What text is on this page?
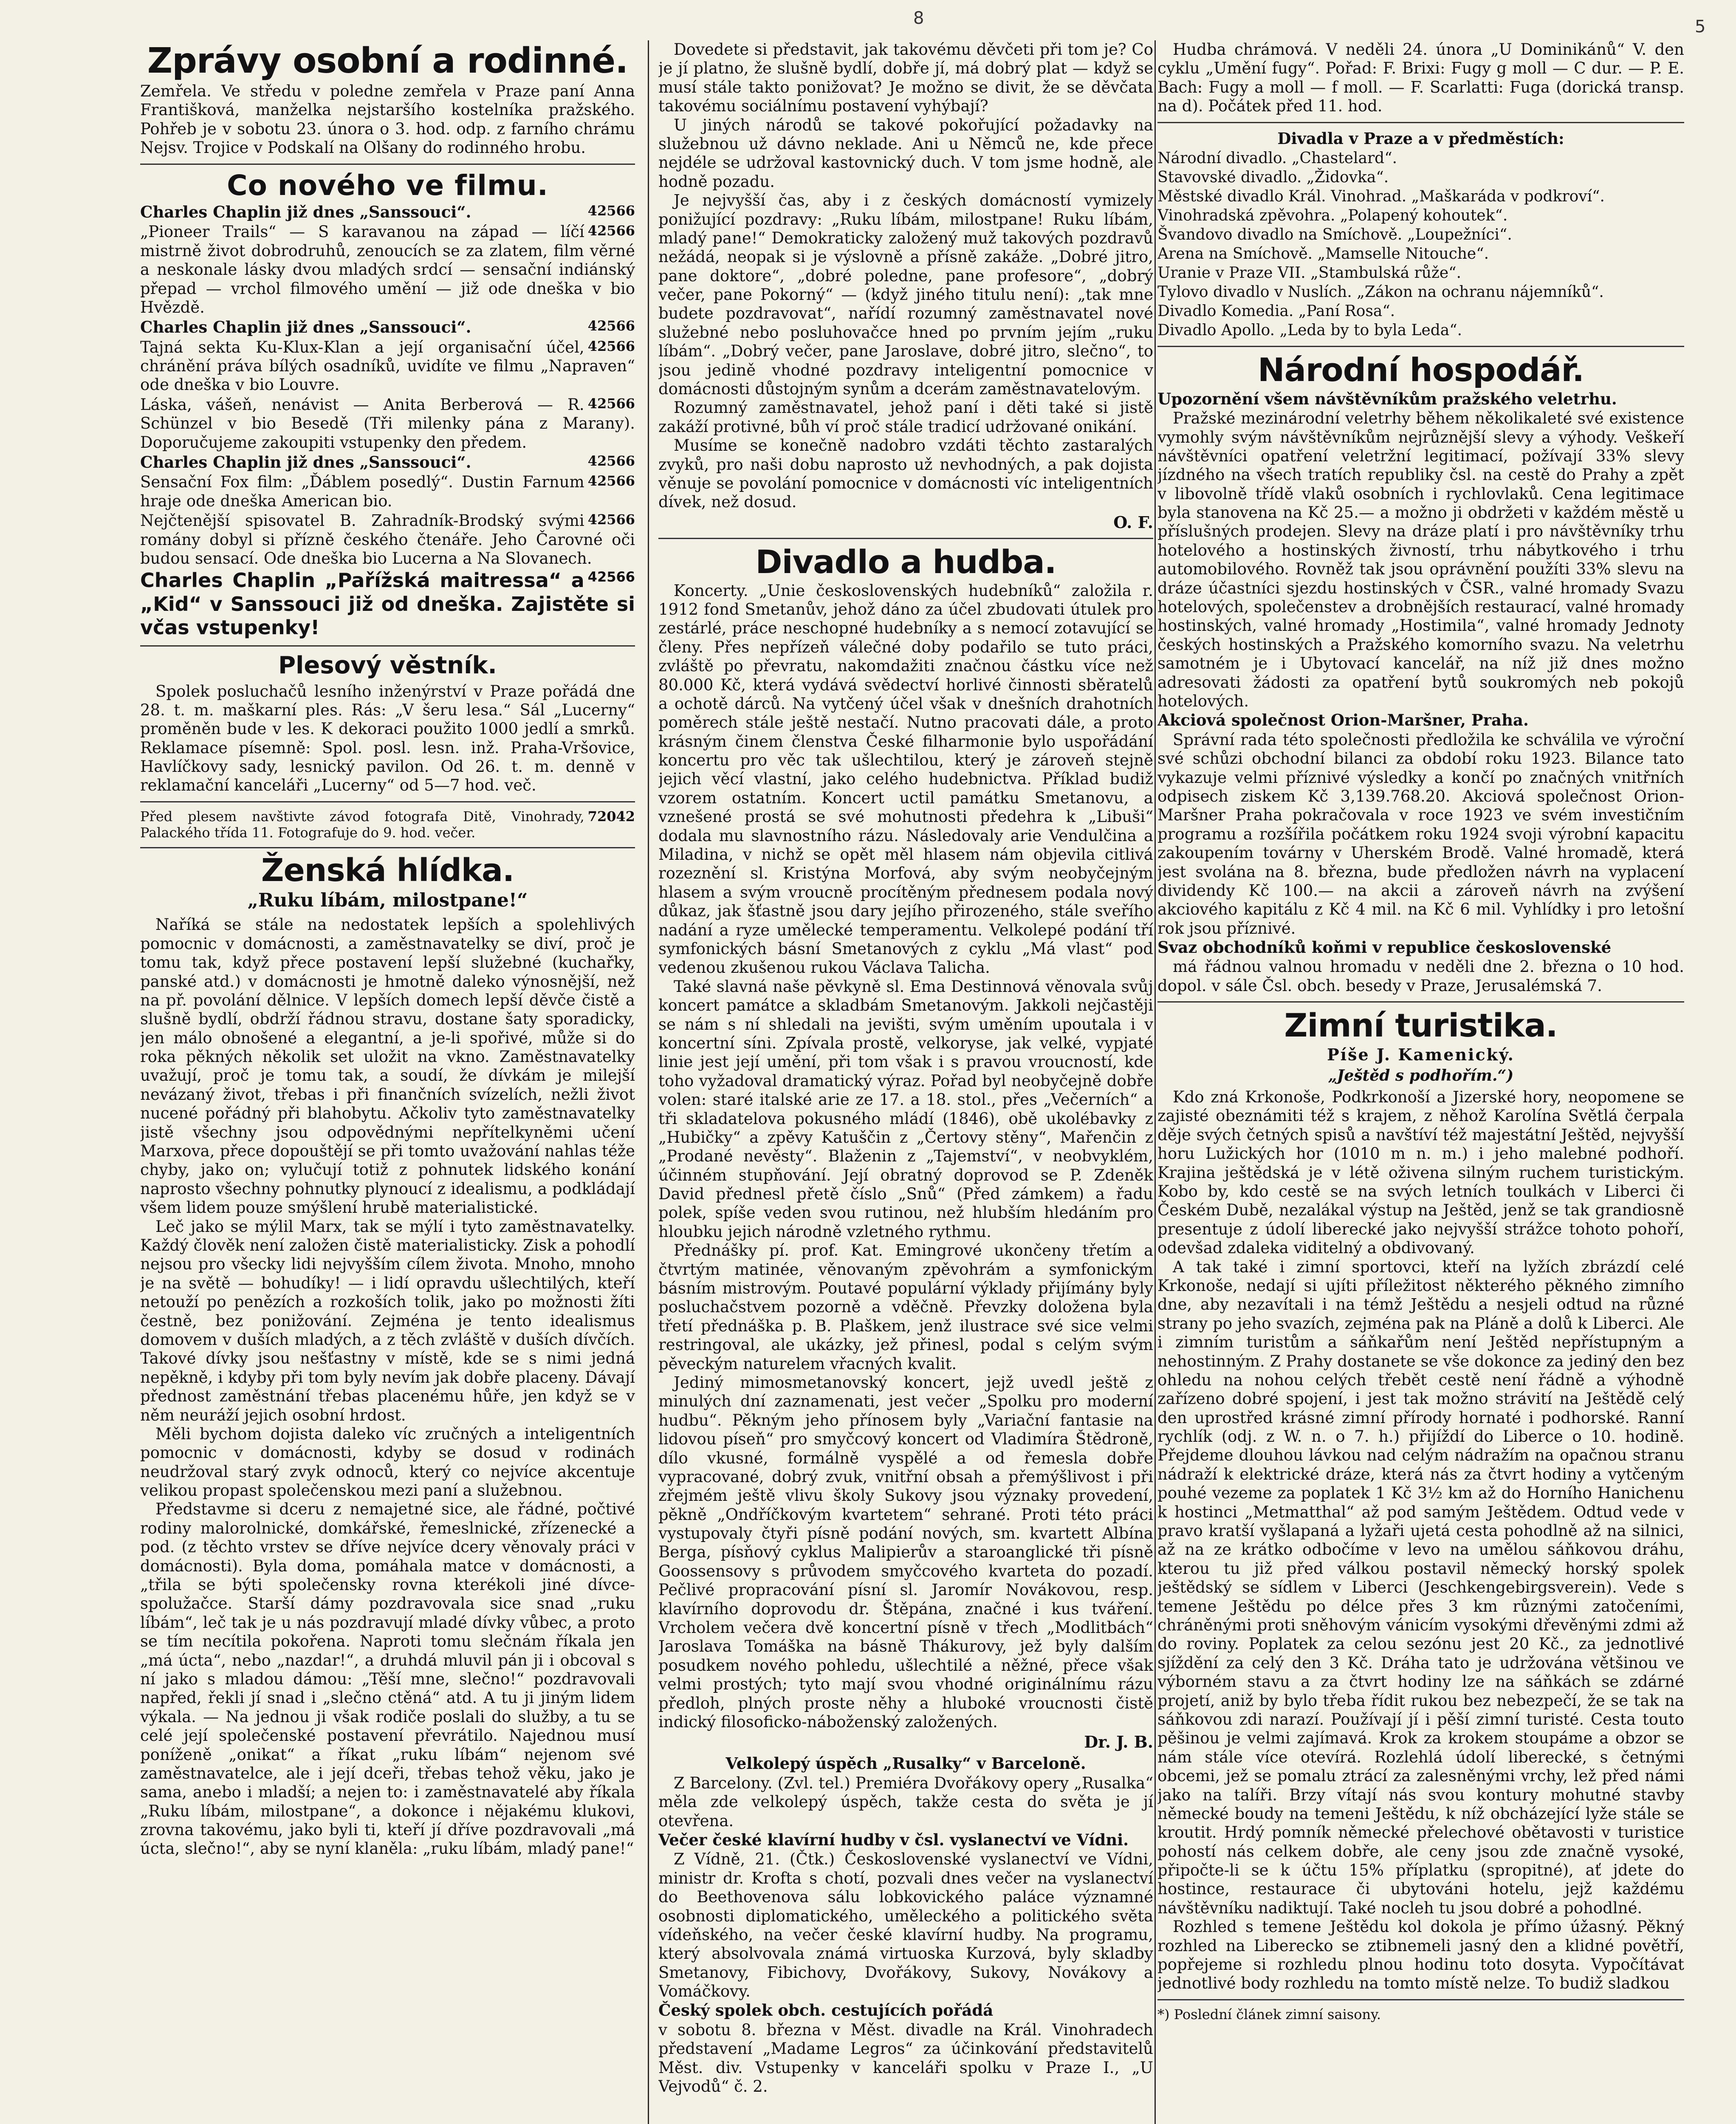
8	5
Zprávy osobní a rodinné.

Zemřela. Ve středu v poledne zemřela v Praze paní Anna Františková, manželka nejstaršího kostelníka pražského. Pohřeb je v sobotu 23. února o 3. hod. odp. z farního chrámu Nejsv. Trojice v Podskalí na Olšany do rodinného hrobu.

Co nového ve filmu.
42566
Charles Chaplin již dnes „Sanssouci“.
42566
„Pioneer Trails“ — S karavanou na západ — líčí mistrně život dobrodruhů, zenoucích se za zlatem, film věrné a neskonale lásky dvou mladých srdcí — sensační indiánský přepad — vrchol filmového umění — již ode dneška v bio Hvězdě.
42566
Charles Chaplin již dnes „Sanssouci“.
42566
Tajná sekta Ku-Klux-Klan a její organisační účel, chránění práva bílých osadníků, uvidíte ve filmu „Napraven“ ode dneška v bio Louvre.
42566
Láska, vášeň, nenávist — Anita Berberová — R. Schünzel v bio Besedě (Tři milenky pána z Marany). Doporučujeme zakoupiti vstupenky den předem.
42566
Charles Chaplin již dnes „Sanssouci“.
42566
Sensační Fox film: „Ďáblem posedlý“. Dustin Farnum hraje ode dneška American bio.
42566
Nejčtenější spisovatel B. Zahradník-Brodský svými romány dobyl si přízně českého čtenáře. Jeho Čarovné oči budou sensací. Ode dneška bio Lucerna a Na Slovanech.
42566
Charles Chaplin „Pařížská maitressa“ a „Kid“ v Sanssouci již od dneška. Zajistěte si včas vstupenky!
Plesový věstník.

Spolek posluchačů lesního inženýrství v Praze pořádá dne 28. t. m. maškarní ples. Rás: „V šeru lesa.“ Sál „Lucerny“ proměněn bude v les. K dekoraci použito 1000 jedlí a smrků. Reklamace písemně: Spol. posl. lesn. inž. Praha-Vršovice, Havlíčkovy sady, lesnický pavilon. Od 26. t. m. denně v reklamační kanceláři „Lucerny“ od 5—7 hod. več.

72042
Před plesem navštivte závod fotografa Ditě, Vinohrady, Palackého třída 11. Fotografuje do 9. hod. večer.
Ženská hlídka.
„Ruku líbám, milostpane!“

Naříká se stále na nedostatek lepších a spolehlivých pomocnic v domácnosti, a zaměstnavatelky se diví, proč je tomu tak, když přece postavení lepší služebné (kuchařky, panské atd.) v domácnosti je hmotně daleko výnosnější, než na př. povolání dělnice. V lepších domech lepší děvče čistě a slušně bydlí, obdrží řádnou stravu, dostane šaty sporadicky, jen málo obnošené a elegantní, a je-li spořivé, může si do roka pěkných několik set uložit na vkno. Zaměstnavatelky uvažují, proč je tomu tak, a soudí, že dívkám je milejší nevázaný život, třebas i při finančních svízelích, nežli život nucené pořádný při blahobytu. Ačkoliv tyto zaměstnavatelky jistě všechny jsou odpovědnými nepřítelkyněmi učení Marxova, přece dopouštějí se při tomto uvažování nahlas téže chyby, jako on; vylučují totiž z pohnutek lidského konání naprosto všechny pohnutky plynoucí z idealismu, a podkládají všem lidem pouze smýšlení hrubě materialistické.

Leč jako se mýlil Marx, tak se mýlí i tyto zaměstnavatelky. Každý člověk není založen čistě materialisticky. Zisk a pohodlí nejsou pro všecky lidi nejvyšším cílem života. Mnoho, mnoho je na světě — bohudíky! — i lidí opravdu ušlechtilých, kteří netouží po penězích a rozkoších tolik, jako po možnosti žíti čestně, bez ponižování. Zejména je tento idealismus domovem v duších mladých, a z těch zvláště v duších dívčích. Takové dívky jsou nešťastny v místě, kde se s nimi jedná nepěkně, i kdyby při tom byly nevím jak dobře placeny. Dávají přednost zaměstnání třebas placenému hůře, jen když se v něm neuráží jejich osobní hrdost.

Měli bychom dojista daleko víc zručných a inteligentních pomocnic v domácnosti, kdyby se dosud v rodinách neudržoval starý zvyk odnoců, který co nejvíce akcentuje velikou propast společenskou mezi paní a služebnou.

Představme si dceru z nemajetné sice, ale řádné, počtivé rodiny malorolnické, domkářské, řemeslnické, zřízenecké a pod. (z těchto vrstev se dříve nejvíce dcery věnovaly práci v domácnosti). Byla doma, pomáhala matce v domácnosti, a „třila se býti společensky rovna kterékoli jiné dívce-spolužačce. Starší dámy pozdravovala sice snad „ruku líbám“, leč tak je u nás pozdravují mladé dívky vůbec, a proto se tím necítila pokořena. Naproti tomu slečnám říkala jen „má úcta“, nebo „nazdar!“, a druhdá mluvil pán ji i obcoval s ní jako s mladou dámou: „Těší mne, slečno!“ pozdravovali napřed, řekli jí snad i „slečno ctěná“ atd. A tu ji jiným lidem výkala. — Na jednou ji však rodiče poslali do služby, a tu se celé její společenské postavení převrátilo. Najednou musí poníženě „onikat“ a říkat „ruku líbám“ nejenom své zaměstnavatelce, ale i její dceři, třebas tehož věku, jako je sama, anebo i mladší; a nejen to: i zaměstnavatelé aby říkala „Ruku líbám, milostpane“, a dokonce i nějakému klukovi, zrovna takovému, jako byli ti, kteří jí dříve pozdravovali „má úcta, slečno!“, aby se nyní klaněla: „ruku líbám, mladý pane!“

Dovedete si představit, jak takovému děvčeti při tom je? Co je jí platno, že slušně bydlí, dobře jí, má dobrý plat — když se musí stále takto ponižovat? Je možno se divit, že se děvčata takovému sociálnímu postavení vyhýbají?

U jiných národů se takové pokořující požadavky na služebnou už dávno neklade. Ani u Němců ne, kde přece nejdéle se udržoval kastovnický duch. V tom jsme hodně, ale hodně pozadu.

Je nejvyšší čas, aby i z českých domácností vymizely ponižující pozdravy: „Ruku líbám, milostpane! Ruku líbám, mladý pane!“ Demokraticky založený muž takových pozdravů nežádá, neopak si je výslovně a přísně zakáže. „Dobré jitro, pane doktore“, „dobré poledne, pane profesore“, „dobrý večer, pane Pokorný“ — (když jiného titulu není): „tak mne budete pozdravovat“, nařídí rozumný zaměstnavatel nové služebné nebo posluhovačce hned po prvním jejím „ruku líbám“. „Dobrý večer, pane Jaroslave, dobré jitro, slečno“, to jsou jedině vhodné pozdravy inteligentní pomocnice v domácnosti důstojným synům a dcerám zaměstnavatelovým.

Rozumný zaměstnavatel, jehož paní i děti také si jistě zakáží protivné, bůh ví proč stále tradicí udržované onikání.

Musíme se konečně nadobro vzdáti těchto zastaralých zvyků, pro naši dobu naprosto už nevhodných, a pak dojista věnuje se povolání pomocnice v domácnosti víc inteligentních dívek, než dosud.

O. F.
Divadlo a hudba.

Koncerty. „Unie československých hudebníků“ založila r. 1912 fond Smetanův, jehož dáno za účel zbudovati útulek pro zestárlé, práce neschopné hudebníky a s nemocí zotavující se členy. Přes nepřízeň válečné doby podařilo se tuto práci, zvláště po převratu, nakomdažiti značnou částku více než 80.000 Kč, která vydává svědectví horlivé činnosti sběratelů a ochotě dárců. Na vytčený účel však v dnešních drahotních poměrech stále ještě nestačí. Nutno pracovati dále, a proto krásným činem členstva České filharmonie bylo uspořádání koncertu pro věc tak ušlechtilou, který je zároveň stejně jejich věcí vlastní, jako celého hudebnictva. Příklad budiž vzorem ostatním. Koncert uctil památku Smetanovu, a vznešené prostá se své mohutnosti předehra k „Libuši“ dodala mu slavnostního rázu. Následovaly arie Vendulčina a Miladina, v nichž se opět měl hlasem nám objevila citlivá rozeznění sl. Kristýna Morfová, aby svým neobyčejným hlasem a svým vroucně procítěným přednesem podala nový důkaz, jak šťastně jsou dary jejího přirozeného, stále sveřího nadání a ryze umělecké temperamentu. Velkolepé podání tří symfonických básní Smetanových z cyklu „Má vlast“ pod vedenou zkušenou rukou Václava Talicha.

Také slavná naše pěvkyně sl. Ema Destinnová věnovala svůj koncert památce a skladbám Smetanovým. Jakkoli nejčastěji se nám s ní shledali na jevišti, svým uměním upoutala i v koncertní síni. Zpívala prostě, velkoryse, jak velké, vypjaté linie jest její umění, při tom však i s pravou vroucností, kde toho vyžadoval dramatický výraz. Pořad byl neobyčejně dobře volen: staré italské arie ze 17. a 18. stol., přes „Večerních“ a tři skladatelova pokusného mládí (1846), obě ukolébavky z „Hubičky“ a zpěvy Katuščin z „Čertovy stěny“, Mařenčin z „Prodané nevěsty“. Blaženin z „Tajemství“, v neobvyklém, účinném stupňování. Její obratný doprovod se P. Zdeněk David přednesl přetě číslo „Snů“ (Před zámkem) a řadu polek, spíše veden svou rutinou, než hlubším hledáním pro hloubku jejich národně vzletného rythmu.

Přednášky pí. prof. Kat. Emingrové ukončeny třetím a čtvrtým matinée, věnovaným zpěvohrám a symfonickým básním mistrovým. Poutavé populární výklady přijímány byly posluchačstvem pozorně a vděčně. Převzky doložena byla třetí přednáška p. B. Plaškem, jenž ilustrace své sice velmi restringoval, ale ukázky, jež přinesl, podal s celým svým pěveckým naturelem vřacných kvalit.

Jediný mimosmetanovský koncert, jejž uvedl ještě z minulých dní zaznamenati, jest večer „Spolku pro moderní hudbu“. Pěkným jeho přínosem byly „Variační fantasie na lidovou píseň“ pro smyčcový koncert od Vladimíra Štědroně, dílo vkusné, formálně vyspělé a od řemesla dobře vypracované, dobrý zvuk, vnitřní obsah a přemýšlivost i při zřejmém ještě vlivu školy Sukovy jsou význaky provedení, pěkně „Ondříčkovým kvartetem“ sehrané. Proti této práci vystupovaly čtyři písně podání nových, sm. kvartett Albína Berga, písňový cyklus Malipierův a staroanglické tři písně Goossensovy s průvodem smyčcového kvarteta do pozadí. Pečlivé propracování písní sl. Jaromír Novákovou, resp. klavírního doprovodu dr. Štěpána, značné i kus tváření. Vrcholem večera dvě koncertní písně v třech „Modlitbách“ Jaroslava Tomáška na básně Thákurovy, jež byly dalším posudkem nového pohledu, ušlechtilé a něžné, přece však velmi prostých; tyto mají svou vhodné originálnímu rázu předloh, plných proste něhy a hluboké vroucnosti čistě indický filosoficko-náboženský založených.

Dr. J. B.
Velkolepý úspěch „Rusalky“ v Barceloně.

Z Barcelony. (Zvl. tel.) Premiéra Dvořákovy opery „Rusalka“ měla zde velkolepý úspěch, takže cesta do světa je jí otevřena.

Večer české klavírní hudby v čsl. vyslanectví ve Vídni.

Z Vídně, 21. (Čtk.) Československé vyslanectví ve Vídni, ministr dr. Krofta s chotí, pozvali dnes večer na vyslanectví do Beethovenova sálu lobkovického paláce významné osobnosti diplomatického, uměleckého a politického světa vídeňského, na večer české klavírní hudby. Na programu, který absolvovala známá virtuoska Kurzová, byly skladby Smetanovy, Fibichovy, Dvořákovy, Sukovy, Novákovy a Vomáčkovy.

Český spolek obch. cestujících pořádá

v sobotu 8. března v Měst. divadle na Král. Vinohradech představení „Madame Legros“ za účinkování představitelů Měst. div. Vstupenky v kanceláři spolku v Praze I., „U Vejvodů“ č. 2.

Hudba chrámová. V neděli 24. února „U Dominikánů“ V. den cyklu „Umění fugy“. Pořad: F. Brixi: Fugy g moll — C dur. — P. E. Bach: Fugy a moll — f moll. — F. Scarlatti: Fuga (dorická transp. na d). Počátek před 11. hod.

Divadla v Praze a v předměstích:
Národní divadlo. „Chastelard“.
Stavovské divadlo. „Židovka“.
Městské divadlo Král. Vinohrad. „Maškaráda v podkroví“.
Vinohradská zpěvohra. „Polapený kohoutek“.
Švandovo divadlo na Smíchově. „Loupežníci“.
Arena na Smíchově. „Mamselle Nitouche“.
Uranie v Praze VII. „Stambulská růže“.
Tylovo divadlo v Nuslích. „Zákon na ochranu nájemníků“.
Divadlo Komedia. „Paní Rosa“.
Divadlo Apollo. „Leda by to byla Leda“.
Národní hospodář.
Upozornění všem návštěvníkům pražského veletrhu.

Pražské mezinárodní veletrhy během několikaleté své existence vymohly svým návštěvníkům nejrůznější slevy a výhody. Veškeří návštěvníci opatření veletržní legitimací, požívají 33% slevy jízdného na všech tratích republiky čsl. na cestě do Prahy a zpět v libovolně třídě vlaků osobních i rychlovlaků. Cena legitimace byla stanovena na Kč 25.— a možno ji obdržeti v každém městě u příslušných prodejen. Slevy na dráze platí i pro návštěvníky trhu hotelového a hostinských živností, trhu nábytkového i trhu automobilového. Rovněž tak jsou oprávnění použíti 33% slevu na dráze účastníci sjezdu hostinských v ČSR., valné hromady Svazu hotelových, společenstev a drobnějších restaurací, valné hromady hostinských, valné hromady „Hostimila“, valné hromady Jednoty českých hostinských a Pražského komorního svazu. Na veletrhu samotném je i Ubytovací kancelář, na níž již dnes možno adresovati žádosti za opatření bytů soukromých neb pokojů hotelových.

Akciová společnost Orion-Maršner, Praha.

Správní rada této společnosti předložila ke schválila ve výroční své schůzi obchodní bilanci za období roku 1923. Bilance tato vykazuje velmi příznivé výsledky a končí po značných vnitřních odpisech ziskem Kč 3,139.768.20. Akciová společnost Orion-Maršner Praha pokračovala v roce 1923 ve svém investičním programu a rozšířila počátkem roku 1924 svoji výrobní kapacitu zakoupením továrny v Uherském Brodě. Valné hromadě, která jest svolána na 8. března, bude předložen návrh na vyplacení dividendy Kč 100.— na akcii a zároveň návrh na zvýšení akciového kapitálu z Kč 4 mil. na Kč 6 mil. Vyhlídky i pro letošní rok jsou příznivé.

Svaz obchodníků koňmi v republice československé

má řádnou valnou hromadu v neděli dne 2. března o 10 hod. dopol. v sále Čsl. obch. besedy v Praze, Jerusalémská 7.

Zimní turistika.
Píše J. Kamenický.
„Ještěd s podhořím.“)

Kdo zná Krkonoše, Podkrkonoší a Jizerské hory, neopomene se zajisté obeznámiti též s krajem, z něhož Karolína Světlá čerpala děje svých četných spisů a navštíví též majestátní Ještěd, nejvyšší horu Lužických hor (1010 m n. m.) i jeho malebné podhoří. Krajina ještědská je v létě oživena silným ruchem turistickým. Kobo by, kdo cestě se na svých letních toulkách v Liberci či Českém Dubě, nezalákal výstup na Ještěd, jenž se tak grandiosně presentuje z údolí liberecké jako nejvyšší strážce tohoto pohoří, odevšad zdaleka viditelný a obdivovaný.

A tak také i zimní sportovci, kteří na lyžích zbrázdí celé Krkonoše, nedají si ujíti příležitost některého pěkného zimního dne, aby nezavítali i na témž Ještědu a nesjeli odtud na různé strany po jeho svazích, zejména pak na Pláně a dolů k Liberci. Ale i zimním turistům a sáňkařům není Ještěd nepřístupným a nehostinným. Z Prahy dostanete se vše dokonce za jediný den bez ohledu na nohou celých třebět cestě není řádně a výhodně zařízeno dobré spojení, i jest tak možno strávití na Ještědě celý den uprostřed krásné zimní přírody hornaté i podhorské. Ranní rychlík (odj. z W. n. o 7. h.) přijíždí do Liberce o 10. hodině. Přejdeme dlouhou lávkou nad celým nádražím na opačnou stranu nádraží k elektrické dráze, která nás za čtvrt hodiny a vytčeným pouhé vezeme za poplatek 1 Kč 3½ km až do Horního Hanichenu k hostinci „Metmatthal“ až pod samým Ještědem. Odtud vede v pravo kratší vyšlapaná a lyžaři ujetá cesta pohodlně až na silnici, až na ze krátko odbočíme v levo na umělou sáňkovou dráhu, kterou tu již před válkou postavil německý horský spolek ještědský se sídlem v Liberci (Jeschkengebirgsverein). Vede s temene Ještědu po délce přes 3 km různými zatočeními, chráněnými proti sněhovým vánicím vysokými dřevěnými zdmi až do roviny. Poplatek za celou sezónu jest 20 Kč., za jednotlivé sjíždění za celý den 3 Kč. Dráha tato je udržována většinou ve výborném stavu a za čtvrt hodiny lze na sáňkách se zdárné projetí, aniž by bylo třeba řídit rukou bez nebezpečí, že se tak na sáňkovou zdi narazí. Používají jí i pěší zimní turisté. Cesta touto pěšinou je velmi zajímavá. Krok za krokem stoupáme a obzor se nám stále více otevírá. Rozlehlá údolí liberecké, s četnými obcemi, jež se pomalu ztrácí za zalesněnými vrchy, lež před námi jako na talíři. Brzy vítají nás svou kontury mohutné stavby německé boudy na temeni Ještědu, k níž obcházející lyže stále se kroutit. Hrdý pomník německé přelechové obětavosti v turistice pohostí nás celkem dobře, ale ceny jsou zde značně vysoké, připočte-li se k účtu 15% příplatku (spropitné), ať jdete do hostince, restaurace či ubytováni hotelu, jejž každému návštěvníku nadiktují. Také nocleh tu jsou dobré a pohodlné.

Rozhled s temene Ještědu kol dokola je přímo úžasný. Pěkný rozhled na Liberecko se ztibnemeli jasný den a klidné povětří, popřejeme si rozhledu plnou hodinu toto dosyta. Vypočítávat jednotlivé body rozhledu na tomto místě nelze. To budiž sladkou

*) Poslední článek zimní saisony.
